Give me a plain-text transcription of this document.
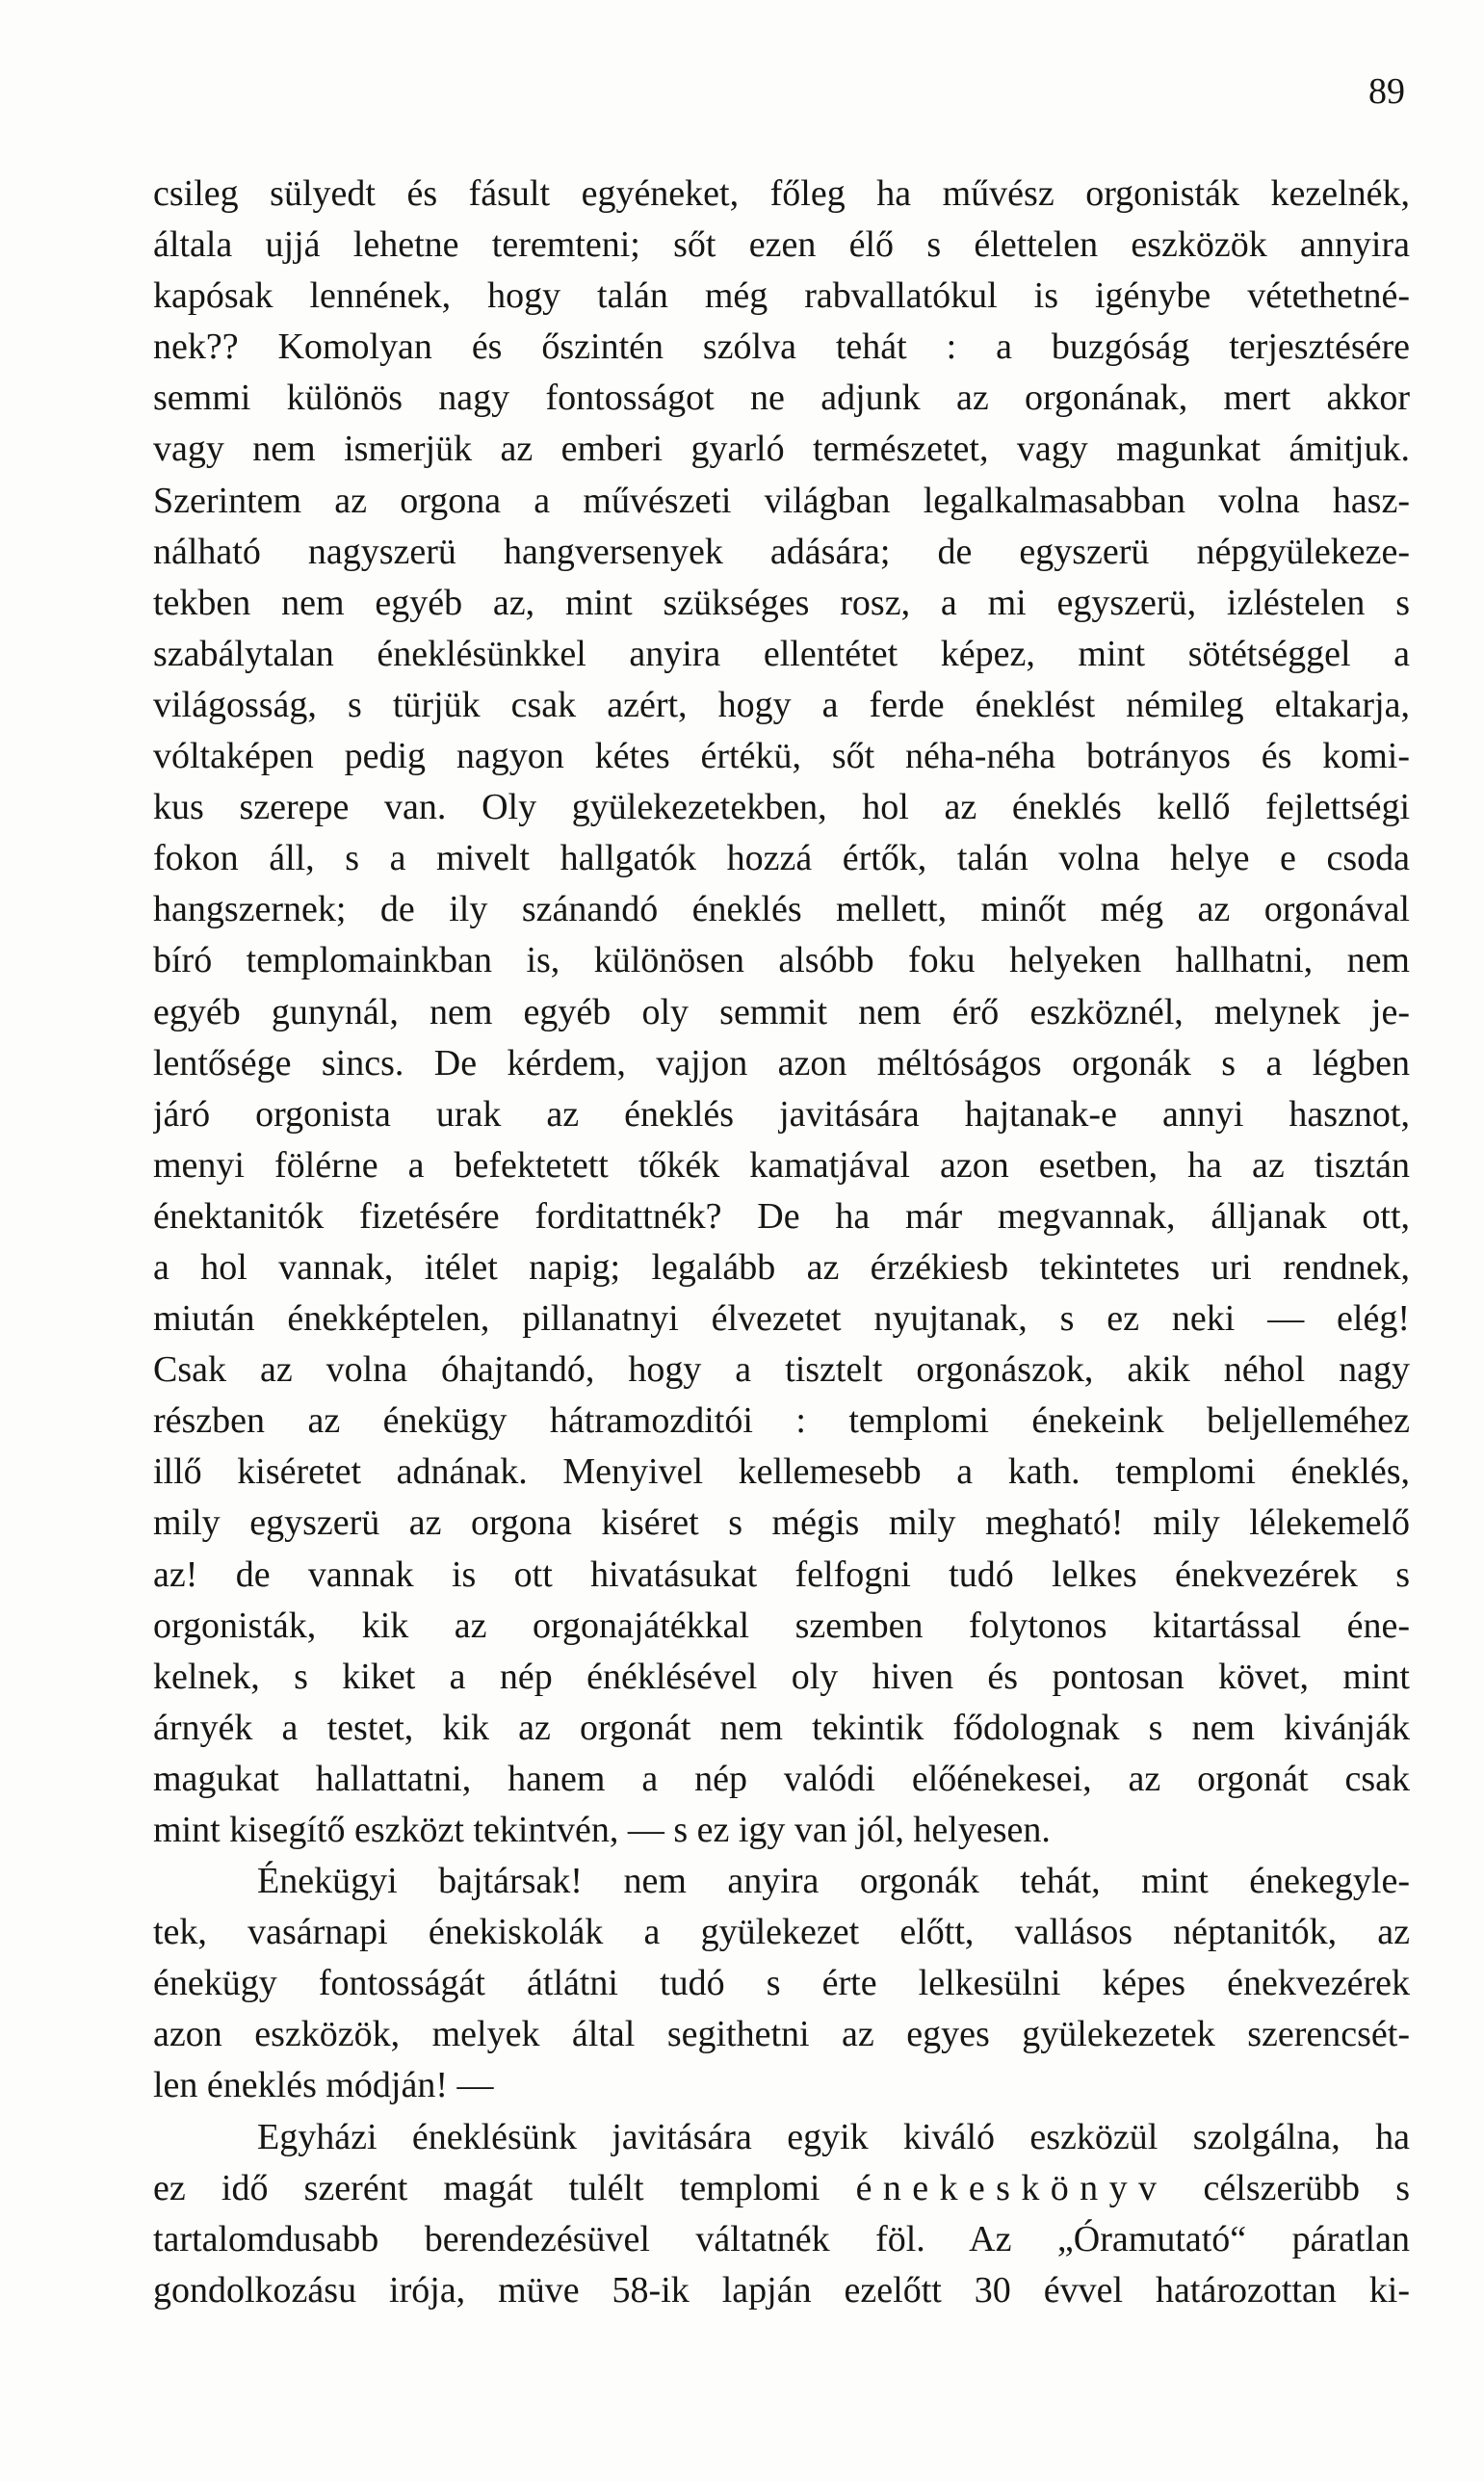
89
csileg sülyedt és fásult egyéneket, főleg ha művész orgonisták kezelnék,
általa ujjá lehetne teremteni; sőt ezen élő s élettelen eszközök annyira
kapósak lennének, hogy talán még rabvallatókul is igénybe vétethetné-
nek?? Komolyan és őszintén szólva tehát : a buzgóság terjesztésére
semmi különös nagy fontosságot ne adjunk az orgonának, mert akkor
vagy nem ismerjük az emberi gyarló természetet, vagy magunkat ámitjuk.
Szerintem az orgona a művészeti világban legalkalmasabban volna hasz-
nálható nagyszerü hangversenyek adására; de egyszerü népgyülekeze-
tekben nem egyéb az, mint szükséges rosz, a mi egyszerü, izléstelen s
szabálytalan éneklésünkkel anyira ellentétet képez, mint sötétséggel a
világosság, s türjük csak azért, hogy a ferde éneklést némileg eltakarja,
vóltaképen pedig nagyon kétes értékü, sőt néha-néha botrányos és komi-
kus szerepe van. Oly gyülekezetekben, hol az éneklés kellő fejlettségi
fokon áll, s a mivelt hallgatók hozzá értők, talán volna helye e csoda
hangszernek; de ily szánandó éneklés mellett, minőt még az orgonával
bíró templomainkban is, különösen alsóbb foku helyeken hallhatni, nem
egyéb gunynál, nem egyéb oly semmit nem érő eszköznél, melynek je-
lentősége sincs. De kérdem, vajjon azon méltóságos orgonák s a légben
járó orgonista urak az éneklés javitására hajtanak-e annyi hasznot,
menyi fölérne a befektetett tőkék kamatjával azon esetben, ha az tisztán
énektanitók fizetésére forditattnék? De ha már megvannak, álljanak ott,
a hol vannak, itélet napig; legalább az érzékiesb tekintetes uri rendnek,
miután énekképtelen, pillanatnyi élvezetet nyujtanak, s ez neki — elég!
Csak az volna óhajtandó, hogy a tisztelt orgonászok, akik néhol nagy
részben az énekügy hátramozditói : templomi énekeink beljelleméhez
illő kiséretet adnának. Menyivel kellemesebb a kath. templomi éneklés,
mily egyszerü az orgona kiséret s mégis mily megható! mily lélekemelő
az! de vannak is ott hivatásukat felfogni tudó lelkes énekvezérek s
orgonisták, kik az orgonajátékkal szemben folytonos kitartással éne-
kelnek, s kiket a nép énéklésével oly hiven és pontosan követ, mint
árnyék a testet, kik az orgonát nem tekintik fődolognak s nem kivánják
magukat hallattatni, hanem a nép valódi előénekesei, az orgonát csak
mint kisegítő eszközt tekintvén, — s ez igy van jól, helyesen.
Énekügyi bajtársak! nem anyira orgonák tehát, mint énekegyle-
tek, vasárnapi énekiskolák a gyülekezet előtt, vallásos néptanitók, az
énekügy fontosságát átlátni tudó s érte lelkesülni képes énekvezérek
azon eszközök, melyek által segithetni az egyes gyülekezetek szerencsét-
len éneklés módján! —
Egyházi éneklésünk javitására egyik kiváló eszközül szolgálna, ha
ez idő szerént magát tulélt templomi énekeskönyv célszerübb s
tartalomdusabb berendezésüvel váltatnék föl. Az „Óramutató“ páratlan
gondolkozásu irója, müve 58-ik lapján ezelőtt 30 évvel határozottan ki-
